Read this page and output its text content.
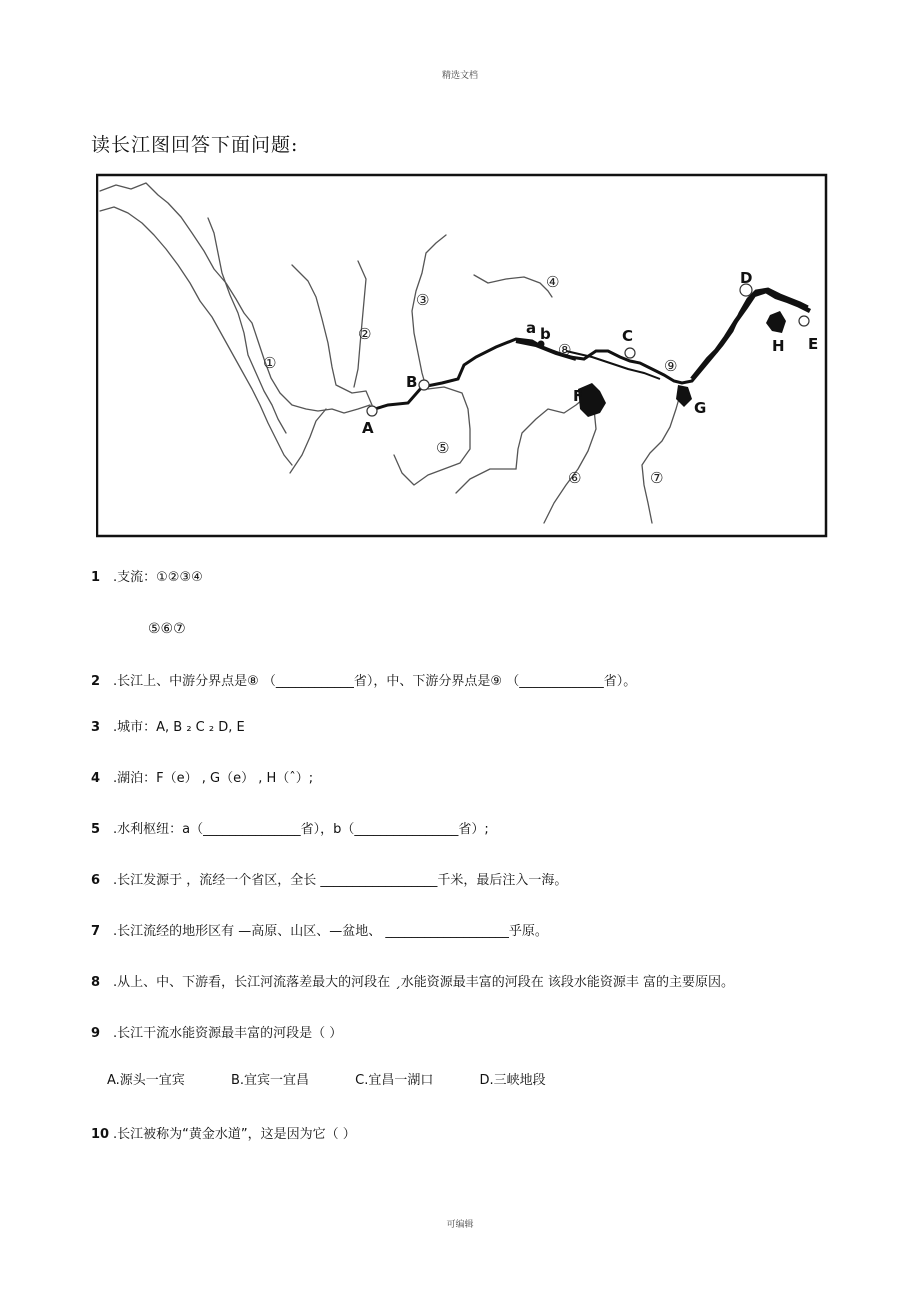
精选文档
读长江图回答下面问题:
A
B
C
D
E
F
G
H
a b
①
②
③
④
⑤
⑥	⑦
⑧
⑨
1 .支流：①②③④
⑤⑥⑦
2 .长江上、中游分界点是⑧ （____________省），中、下游分界点是⑨ （_____________省）。
3 .城市：A, B ₂ C ₂ D, E
4 .湖泊：F（e） , G（e） , H（ˆ）;
5 .水利枢纽：a（_______________省），b（________________省）;
6 .长江发源于 ，流经一个省区，全长 __________________千米，最后注入一海。
7 .长江流经的地形区有 —高原、山区、—盆地、 ___________________乎原。
8 .从上、中、下游看，长江河流落差最大的河段在 ˏ水能资源最丰富的河段在 该段水能资源丰 富的主要原因。
9 .长江干流水能资源最丰富的河段是（ ）
A.源头一宜宾	B.宜宾一宜昌	C.宜昌一湖口	D.三峡地段
10 .长江被称为“黄金水道”，这是因为它（ ）
可编辑
